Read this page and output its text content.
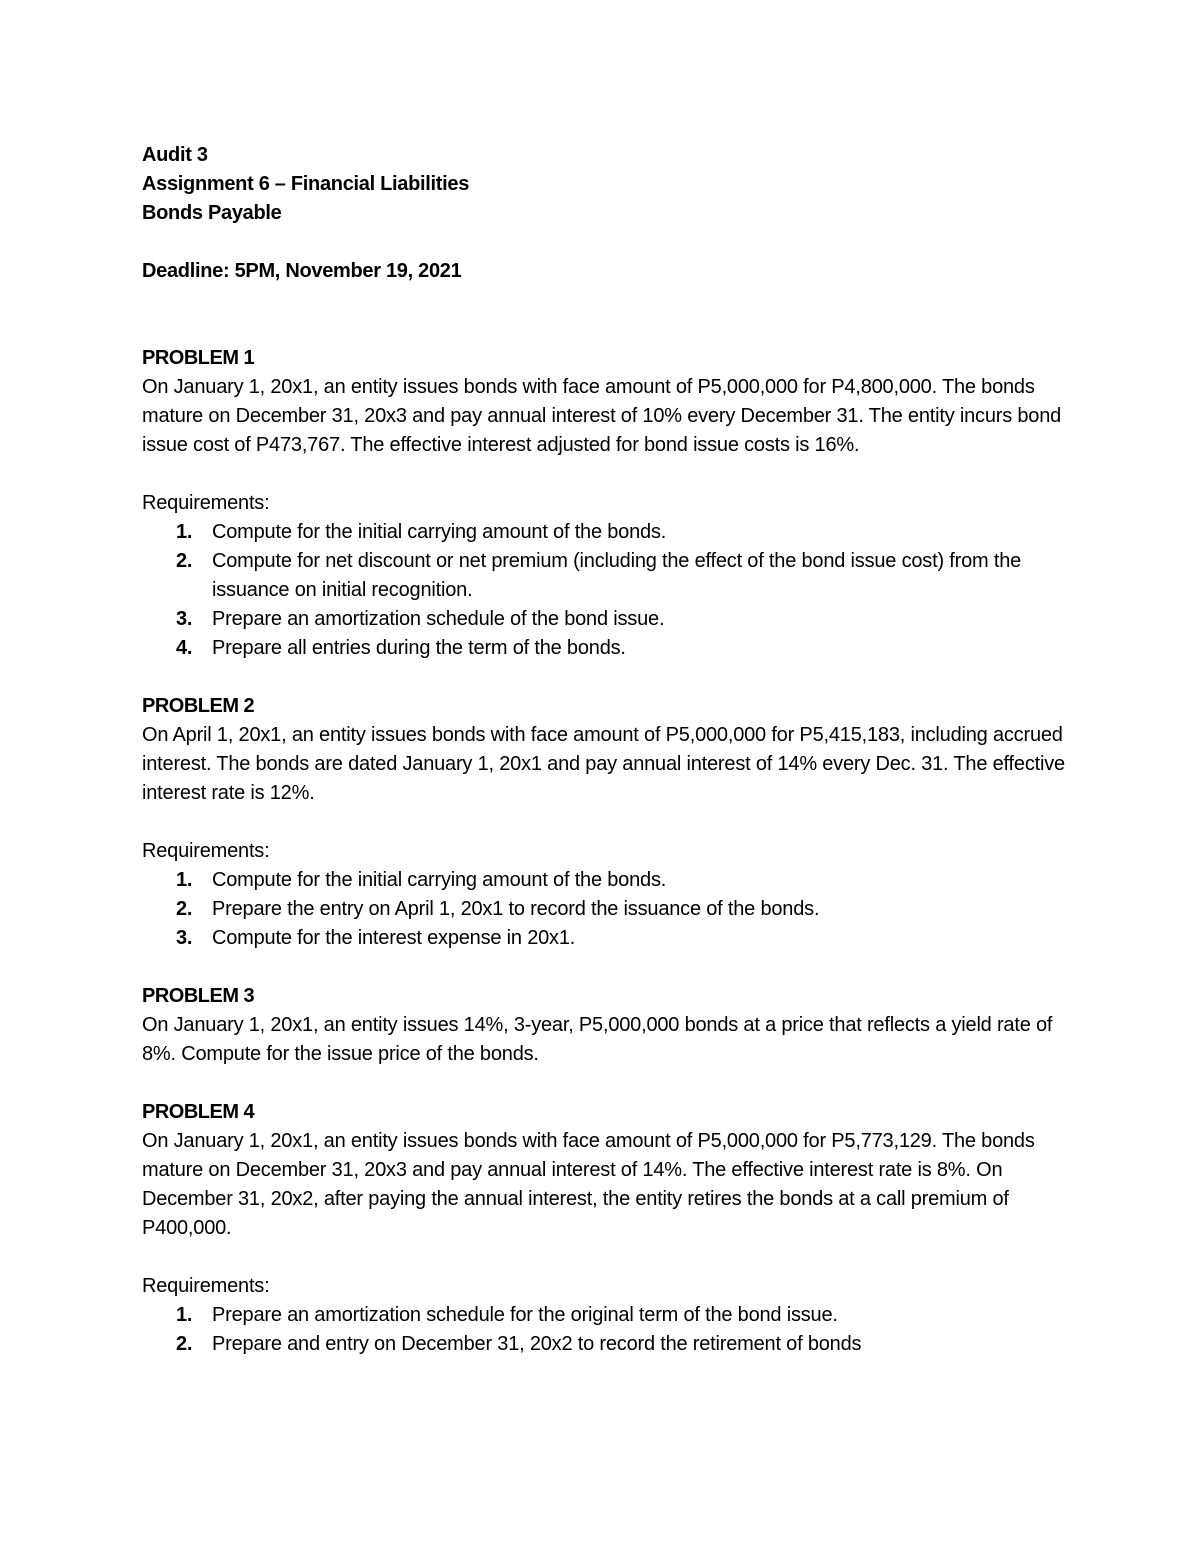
Audit 3

Assignment 6 – Financial Liabilities

Bonds Payable

Deadline: 5PM, November 19, 2021

PROBLEM 1

On January 1, 20x1, an entity issues bonds with face amount of P5,000,000 for P4,800,000. The bonds mature on December 31, 20x3 and pay annual interest of 10% every December 31. The entity incurs bond issue cost of P473,767. The effective interest adjusted for bond issue costs is 16%.

Requirements:

1. Compute for the initial carrying amount of the bonds.
2. Compute for net discount or net premium (including the effect of the bond issue cost) from the issuance on initial recognition.
3. Prepare an amortization schedule of the bond issue.
4. Prepare all entries during the term of the bonds.

PROBLEM 2

On April 1, 20x1, an entity issues bonds with face amount of P5,000,000 for P5,415,183, including accrued interest. The bonds are dated January 1, 20x1 and pay annual interest of 14% every Dec. 31. The effective interest rate is 12%.

Requirements:

1. Compute for the initial carrying amount of the bonds.
2. Prepare the entry on April 1, 20x1 to record the issuance of the bonds.
3. Compute for the interest expense in 20x1.

PROBLEM 3

On January 1, 20x1, an entity issues 14%, 3-year, P5,000,000 bonds at a price that reflects a yield rate of 8%. Compute for the issue price of the bonds.

PROBLEM 4

On January 1, 20x1, an entity issues bonds with face amount of P5,000,000 for P5,773,129. The bonds mature on December 31, 20x3 and pay annual interest of 14%. The effective interest rate is 8%. On December 31, 20x2, after paying the annual interest, the entity retires the bonds at a call premium of P400,000.

Requirements:

1. Prepare an amortization schedule for the original term of the bond issue.
2. Prepare and entry on December 31, 20x2 to record the retirement of bonds
